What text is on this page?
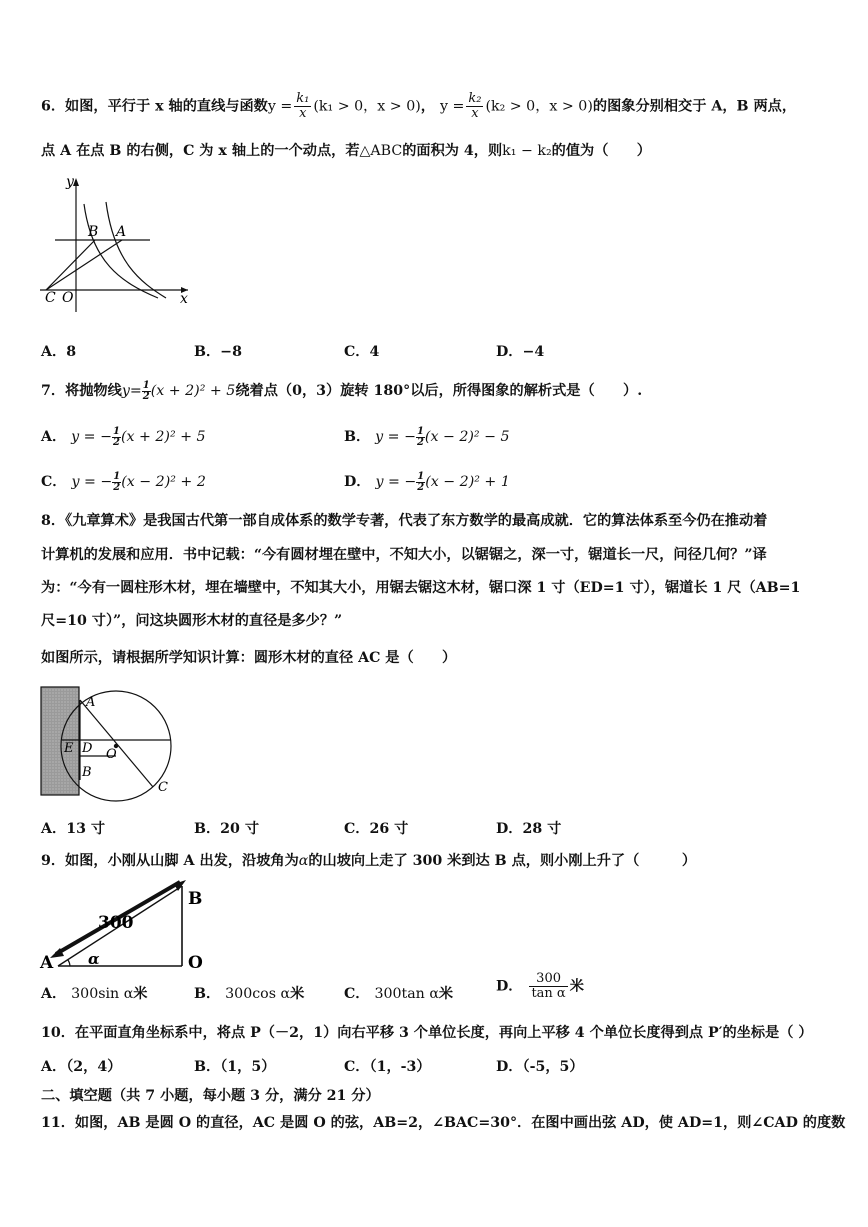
6．如图，平行于 x 轴的直线与函数$y = \frac{\text{k₁}}{x} (k_1 > 0$，x > 0)， $y = \frac{\text{k₂}}{x} (k_2 > 0$，x > 0)的图象分别相交于 A，B 两点，
点 A 在点 B 的右侧，C 为 x 轴上的一个动点，若△ABC的面积为 4，则k₁ − k₂的值为（　　）
y
x
O
C
B A
A．8	B．−8	C．4	D．−4
7．将抛物线$y= \frac{1}{2} (x + 2)^2 + 5$绕着点（0，3）旋转 180°以后，所得图象的解析式是（　　）.
A． y = − $\frac{1}{2} (x + 2)^2 + 5$	B． y = − $\frac{1}{2} (x - 2)^2 - 5$
C． y = − $\frac{1}{2} (x - 2)^2 + 2$	D． y = − $\frac{1}{2} (x - 2)^2 + 1$
8．《九章算术》是我国古代第一部自成体系的数学专著，代表了东方数学的最高成就．它的算法体系至今仍在推动着
计算机的发展和应用．书中记载：“今有圆材埋在壁中，不知大小，以锯锯之，深一寸，锯道长一尺，问径几何？”译
为：“今有一圆柱形木材，埋在墙壁中，不知其大小，用锯去锯这木材，锯口深 1 寸（ED=1 寸），锯道长 1 尺（AB=1
尺=10 寸）”，问这块圆形木材的直径是多少？”
如图所示，请根据所学知识计算：圆形木材的直径 AC 是（　　）
A
E D O
B
C
A．13 寸	B．20 寸	C．26 寸	D．28 寸
9．如图，小刚从山脚 A 出发，沿坡角为α的山坡向上走了 300 米到达 B 点，则小刚上升了（　　　）
300
B
A	O
α
A． 300sin α米	B． 300cos α米	C． 300tan α米	D． $\frac{300}{\text{tan α}}$ 米
10．在平面直角坐标系中，将点 P（－2，1）向右平移 3 个单位长度，再向上平移 4 个单位长度得到点 P′的坐标是（ ）
A．（2，4）	B．（1，5）	C．（1，-3）	D．（-5，5）
二、填空题（共 7 小题，每小题 3 分，满分 21 分）
11．如图，AB 是圆 O 的直径，AC 是圆 O 的弦，AB=2，∠BAC=30°．在图中画出弦 AD，使 AD=1，则∠CAD 的度数
